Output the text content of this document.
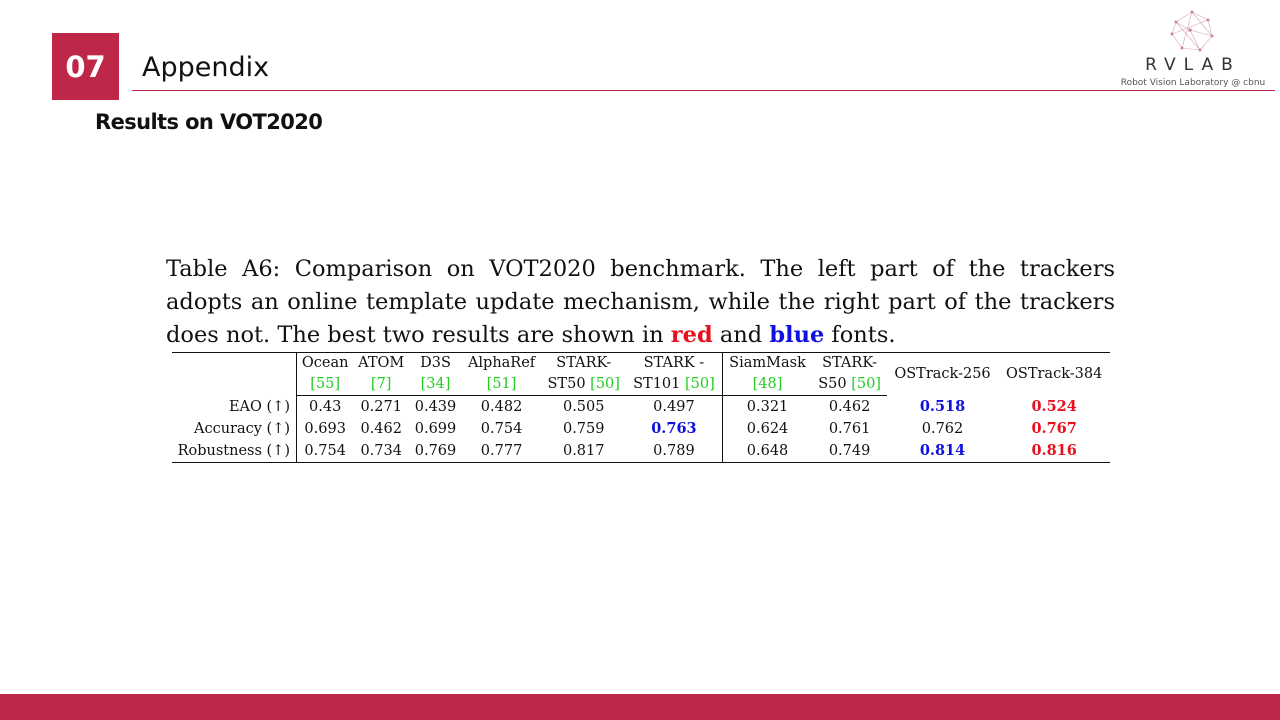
07 Appendix	RVLAB
Robot Vision Laboratory @ cbnu
Results on VOT2020
Table A6: Comparison on VOT2020 benchmark. The left part of the trackers adopts an online template update mechanism, while the right part of the trackers does not. The best two results are shown in red and blue fonts.
	Ocean	ATOM	D3S	AlphaRef	STARK-	STARK -	SiamMask	STARK-	OSTrack-256	OSTrack-384
	[55]	[7]	[34]	[51]	ST50 [50]	ST101 [50]	[48]	S50 [50]		
EAO (↑)	0.43	0.271	0.439	0.482	0.505	0.497	0.321	0.462	0.518	0.524
Accuracy (↑)	0.693	0.462	0.699	0.754	0.759	0.763	0.624	0.761	0.762	0.767
Robustness (↑)	0.754	0.734	0.769	0.777	0.817	0.789	0.648	0.749	0.814	0.816
